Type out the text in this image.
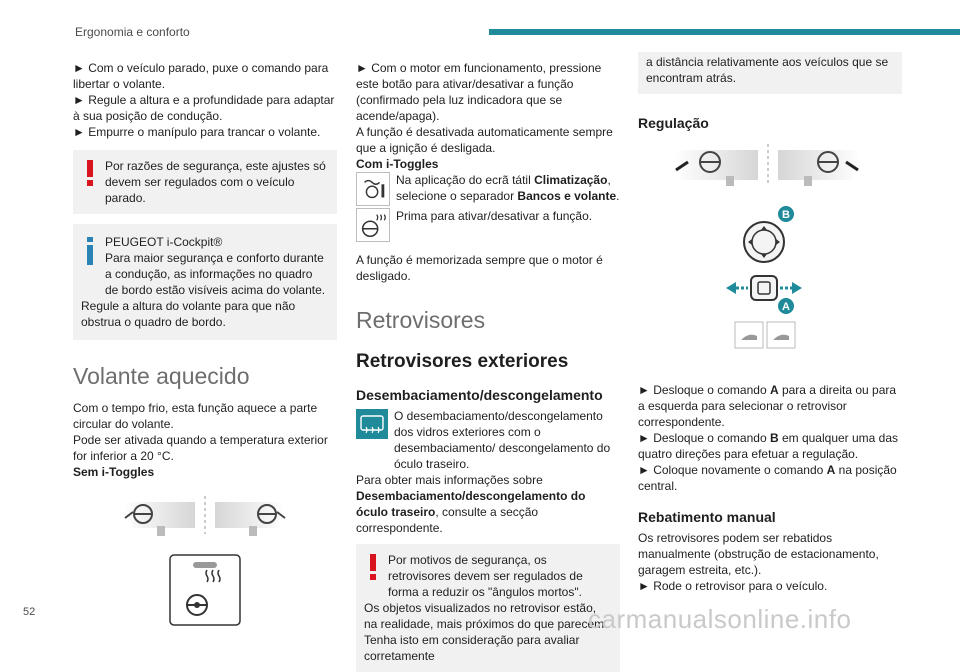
Ergonomia e conforto

► Com o veículo parado, puxe o comando para libertar o volante.

► Regule a altura e a profundidade para adaptar à sua posição de condução.

► Empurre o manípulo para trancar o volante.

Por razões de segurança, este ajustes só devem ser regulados com o veículo parado.

PEUGEOT i-Cockpit®

Para maior segurança e conforto durante a condução, as informações no quadro de bordo estão visíveis acima do volante.

Regule a altura do volante para que não obstrua o quadro de bordo.

Volante aquecido

Com o tempo frio, esta função aquece a parte circular do volante.

Pode ser ativada quando a temperatura exterior for inferior a 20 °C.

Sem i-Toggles

► Com o motor em funcionamento, pressione este botão para ativar/desativar a função (confirmado pela luz indicadora que se acende/apaga).

A função é desativada automaticamente sempre que a ignição é desligada.

Com i-Toggles

Na aplicação do ecrã tátil Climatização, selecione o separador Bancos e volante.

Prima para ativar/desativar a função.

A função é memorizada sempre que o motor é desligado.

Retrovisores
Retrovisores exteriores
Desembaciamento/descongelamento

O desembaciamento/descongelamento dos vidros exteriores com o desembaciamento/ descongelamento do óculo traseiro.

Para obter mais informações sobre Desembaciamento/descongelamento do óculo traseiro, consulte a secção correspondente.

Por motivos de segurança, os retrovisores devem ser regulados de forma a reduzir os "ângulos mortos".

Os objetos visualizados no retrovisor estão, na realidade, mais próximos do que parecem. Tenha isto em consideração para avaliar corretamente

a distância relativamente aos veículos que se encontram atrás.

Regulação
B
A

► Desloque o comando A para a direita ou para a esquerda para selecionar o retrovisor correspondente.

► Desloque o comando B em qualquer uma das quatro direções para efetuar a regulação.

► Coloque novamente o comando A na posição central.

Rebatimento manual

Os retrovisores podem ser rebatidos manualmente (obstrução de estacionamento, garagem estreita, etc.).

► Rode o retrovisor para o veículo.

52	carmanualsonline.info
